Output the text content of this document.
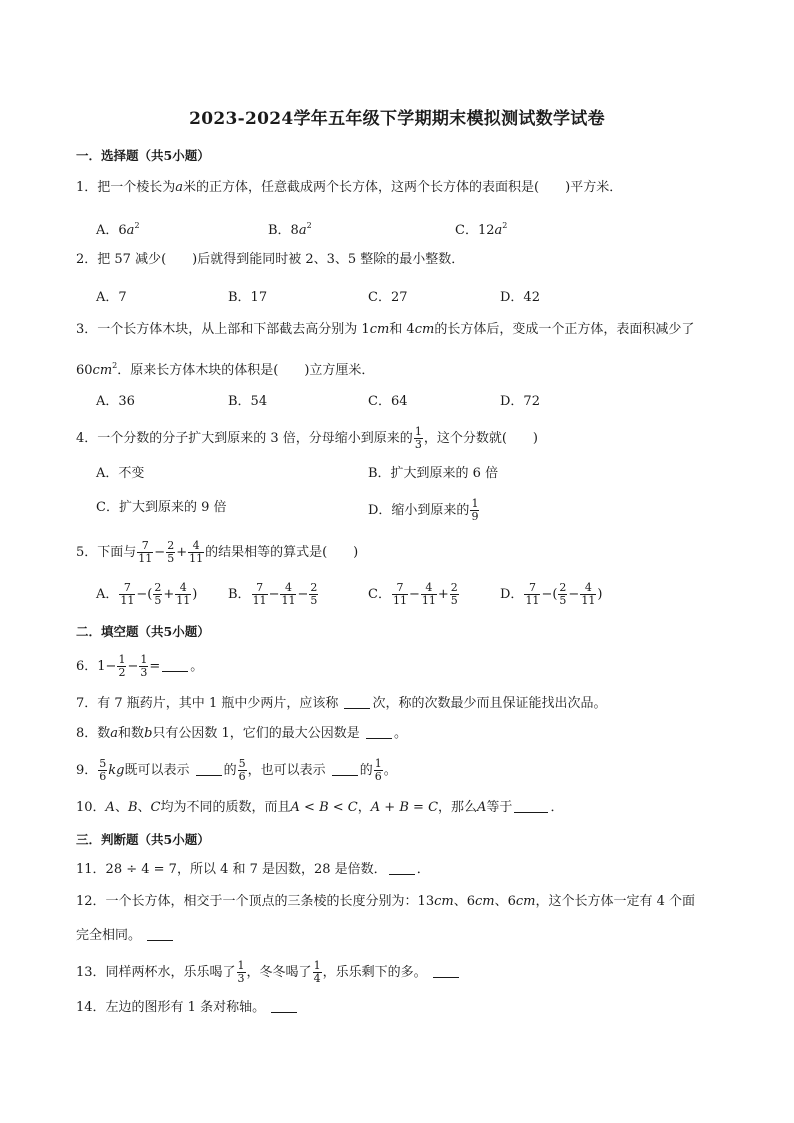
2023-2024学年五年级下学期期末模拟测试数学试卷
一．选择题（共5小题）
1．把一个棱长为a米的正方体，任意截成两个长方体，这两个长方体的表面积是(　　)平方米．
A．$6a^2$	B．$8a^2$	C．$12a^2$
2．把 57 减少(　　)后就得到能同时被 2、3、5 整除的最小整数．
A．7	B．17	C．27	D．42
3．一个长方体木块，从上部和下部截去高分别为 1cm和 4cm的长方体后，变成一个正方体，表面积减少了
$60cm^2$．原来长方体木块的体积是(　　)立方厘米．
A．36	B．54	C．64	D．72
4．一个分数的分子扩大到原来的 3 倍，分母缩小到原来的 $\frac{1}{3}$ ，这个分数就(　　)
A．不变	B．扩大到原来的 6 倍
C．扩大到原来的 9 倍	D．缩小到原来的 $\frac{1}{9}$
5．下面与 $\frac{7}{11} - \frac{2}{5} + \frac{4}{11}$ 的结果相等的算式是(　　)
A． $\frac{7}{11}$ −( $\frac{2}{5} + \frac{4}{11}$ ) B． $\frac{7}{11} - \frac{4}{11} - \frac{2}{5}$	C． $\frac{7}{11} - \frac{4}{11} + \frac{2}{5}$	D． $\frac{7}{11}$ −( $\frac{2}{5} - \frac{4}{11}$ )
二．填空题（共5小题）
6．$1- \frac{1}{2} - \frac{1}{3}$ = 。
7．有 7 瓶药片，其中 1 瓶中少两片，应该称 次，称的次数最少而且保证能找出次品。
8．数a和数b只有公因数 1，它们的最大公因数是 。
9． $\frac{5}{6}$ kg既可以表示 的 $\frac{5}{6}$ ，也可以表示 的 $\frac{1}{6}$ 。
10．A、B、C均为不同的质数，而且A < B < C，A + B = C，那么A等于	．
三．判断题（共5小题）
11．28 ÷ 4 = 7，所以 4 和 7 是因数，28 是倍数． ．
12．一个长方体，相交于一个顶点的三条棱的长度分别为：13cm、6cm、6cm，这个长方体一定有 4 个面
完全相同。
13．同样两杯水，乐乐喝了 $\frac{1}{3}$ ，冬冬喝了 $\frac{1}{4}$ ，乐乐剩下的多。
14．左边的图形有 1 条对称轴。
